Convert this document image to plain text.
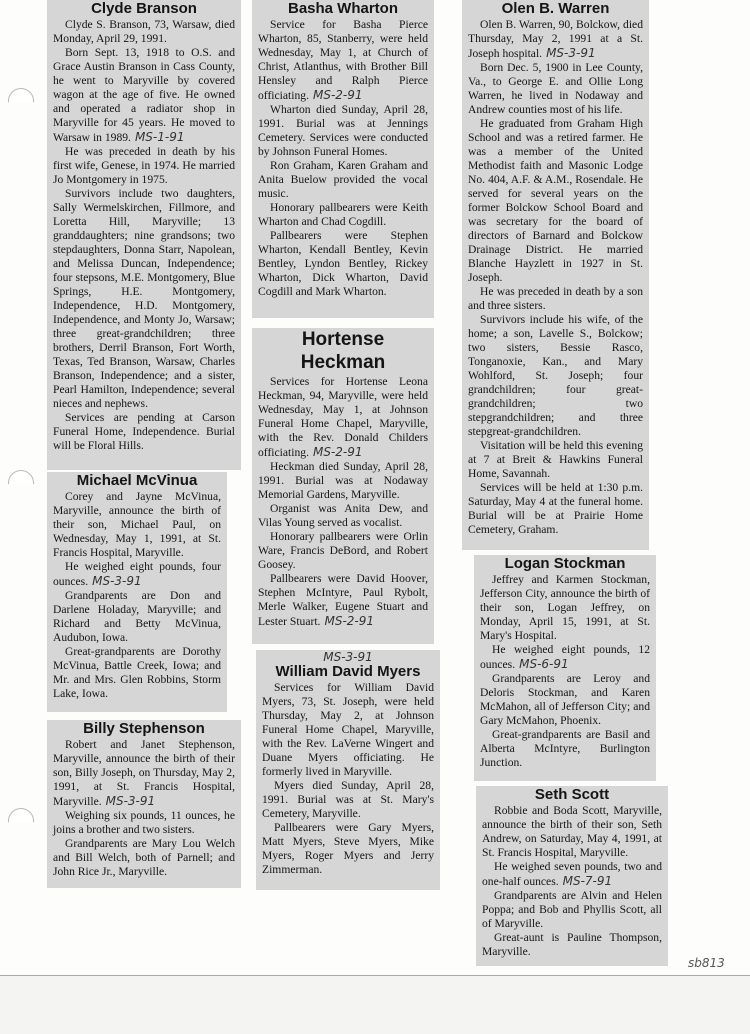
Clyde Branson

Clyde S. Branson, 73, Warsaw, died Monday, April 29, 1991.

Born Sept. 13, 1918 to O.S. and Grace Austin Branson in Cass County, he went to Maryville by covered wagon at the age of five. He owned and operated a radiator shop in Maryville for 45 years. He moved to Warsaw in 1989. MS-1-91

He was preceded in death by his first wife, Genese, in 1974. He married Jo Montgomery in 1975.

Survivors include two daughters, Sally Wermelskirchen, Fillmore, and Loretta Hill, Maryville; 13 granddaughters; nine grandsons; two stepdaughters, Donna Starr, Napolean, and Melissa Duncan, Independence; four stepsons, M.E. Montgomery, Blue Springs, H.E. Montgomery, Independence, H.D. Montgomery, Independence, and Monty Jo, Warsaw; three great-grandchildren; three brothers, Derril Branson, Fort Worth, Texas, Ted Branson, Warsaw, Charles Branson, Independence; and a sister, Pearl Hamilton, Independence; several nieces and nephews.

Services are pending at Carson Funeral Home, Independence. Burial will be Floral Hills.

Michael McVinua

Corey and Jayne McVinua, Maryville, announce the birth of their son, Michael Paul, on Wednesday, May 1, 1991, at St. Francis Hospital, Maryville.

He weighed eight pounds, four ounces. MS-3-91

Grandparents are Don and Darlene Holaday, Maryville; and Richard and Betty McVinua, Audubon, Iowa.

Great-grandparents are Dorothy McVinua, Battle Creek, Iowa; and Mr. and Mrs. Glen Robbins, Storm Lake, Iowa.

Billy Stephenson

Robert and Janet Stephenson, Maryville, announce the birth of their son, Billy Joseph, on Thursday, May 2, 1991, at St. Francis Hospital, Maryville. MS-3-91

Weighing six pounds, 11 ounces, he joins a brother and two sisters.

Grandparents are Mary Lou Welch and Bill Welch, both of Parnell; and John Rice Jr., Maryville.

Basha Wharton

Service for Basha Pierce Wharton, 85, Stanberry, were held Wednesday, May 1, at Church of Christ, Atlanthus, with Brother Bill Hensley and Ralph Pierce officiating. MS-2-91

Wharton died Sunday, April 28, 1991. Burial was at Jennings Cemetery. Services were conducted by Johnson Funeral Homes.

Ron Graham, Karen Graham and Anita Buelow provided the vocal music.

Honorary pallbearers were Keith Wharton and Chad Cogdill.

Pallbearers were Stephen Wharton, Kendall Bentley, Kevin Bentley, Lyndon Bentley, Rickey Wharton, Dick Wharton, David Cogdill and Mark Wharton.

Hortense
Heckman

Services for Hortense Leona Heckman, 94, Maryville, were held Wednesday, May 1, at Johnson Funeral Home Chapel, Maryville, with the Rev. Donald Childers officiating. MS-2-91

Heckman died Sunday, April 28, 1991. Burial was at Nodaway Memorial Gardens, Maryville.

Organist was Anita Dew, and Vilas Young served as vocalist.

Honorary pallbearers were Orlin Ware, Francis DeBord, and Robert Goosey.

Pallbearers were David Hoover, Stephen McIntyre, Paul Rybolt, Merle Walker, Eugene Stuart and Lester Stuart. MS-2-91

MS-3-91
William David Myers

Services for William David Myers, 73, St. Joseph, were held Thursday, May 2, at Johnson Funeral Home Chapel, Maryville, with the Rev. LaVerne Wingert and Duane Myers officiating. He formerly lived in Maryville.

Myers died Sunday, April 28, 1991. Burial was at St. Mary's Cemetery, Maryville.

Pallbearers were Gary Myers, Matt Myers, Steve Myers, Mike Myers, Roger Myers and Jerry Zimmerman.

Olen B. Warren

Olen B. Warren, 90, Bolckow, died Thursday, May 2, 1991 at a St. Joseph hospital. MS-3-91

Born Dec. 5, 1900 in Lee County, Va., to George E. and Ollie Long Warren, he lived in Nodaway and Andrew counties most of his life.

He graduated from Graham High School and was a retired farmer. He was a member of the United Methodist faith and Masonic Lodge No. 404, A.F. & A.M., Rosendale. He served for several years on the former Bolckow School Board and was secretary for the board of directors of Barnard and Bolckow Drainage District. He married Blanche Hayzlett in 1927 in St. Joseph.

He was preceded in death by a son and three sisters.

Survivors include his wife, of the home; a son, Lavelle S., Bolckow; two sisters, Bessie Rasco, Tonganoxie, Kan., and Mary Wohlford, St. Joseph; four grandchildren; four great-grandchildren; two stepgrandchildren; and three stepgreat-grandchildren.

Visitation will be held this evening at 7 at Breit & Hawkins Funeral Home, Savannah.

Services will be held at 1:30 p.m. Saturday, May 4 at the funeral home. Burial will be at Prairie Home Cemetery, Graham.

Logan Stockman

Jeffrey and Karmen Stockman, Jefferson City, announce the birth of their son, Logan Jeffrey, on Monday, April 15, 1991, at St. Mary's Hospital.

He weighed eight pounds, 12 ounces. MS-6-91

Grandparents are Leroy and Deloris Stockman, and Karen McMahon, all of Jefferson City; and Gary McMahon, Phoenix.

Great-grandparents are Basil and Alberta McIntyre, Burlington Junction.

Seth Scott

Robbie and Boda Scott, Maryville, announce the birth of their son, Seth Andrew, on Saturday, May 4, 1991, at St. Francis Hospital, Maryville.

He weighed seven pounds, two and one-half ounces. MS-7-91

Grandparents are Alvin and Helen Poppa; and Bob and Phyllis Scott, all of Maryville.

Great-aunt is Pauline Thompson, Maryville.

sb813
